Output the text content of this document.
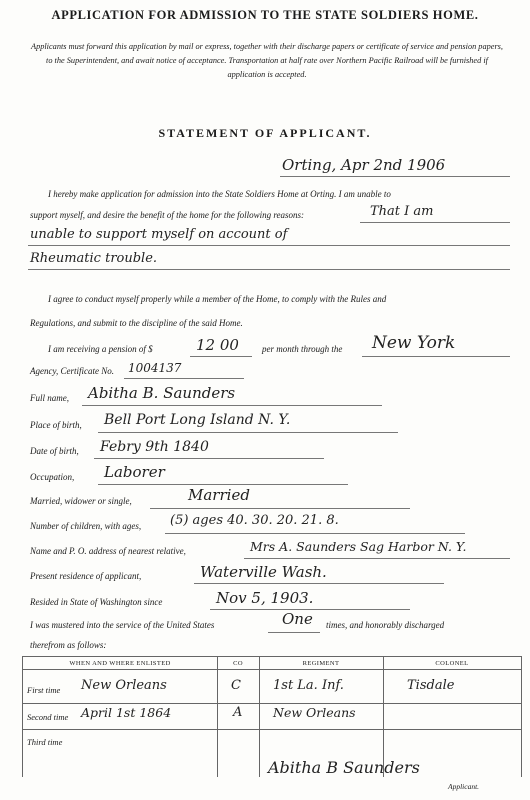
APPLICATION FOR ADMISSION TO THE STATE SOLDIERS HOME.
Applicants must forward this application by mail or express, together with their discharge papers or certificate of service and pension papers, to the Superintendent, and await notice of acceptance. Transportation at half rate over Northern Pacific Railroad will be furnished if application is accepted.
STATEMENT OF APPLICANT.
Orting, Apr 2nd 1906
I hereby make application for admission into the State Soldiers Home at Orting. I am unable to
support myself, and desire the benefit of the home for the following reasons:	That I am
unable to support myself on account of
Rheumatic trouble.
I agree to conduct myself properly while a member of the Home, to comply with the Rules and
Regulations, and submit to the discipline of the said Home.
I am receiving a pension of $	12 00	per month through the New York
Agency, Certificate No. 1004137
Full name, Abitha B. Saunders
Place of birth, Bell Port Long Island N. Y.
Date of birth, Febry 9th 1840
Occupation, Laborer
Married, widower or single,	Married
Number of children, with ages, (5) ages 40. 30. 20. 21. 8.
Name and P. O. address of nearest relative,	Mrs A. Saunders Sag Harbor N. Y.
Present residence of applicant,	Waterville Wash.
Resided in State of Washington since	Nov 5, 1903.
I was mustered into the service of the United States	One times, and honorably discharged
therefrom as follows:
WHEN AND WHERE ENLISTED	CO	REGIMENT	COLONEL
First time New Orleans	C 1st La. Inf.	Tisdale
Second time April 1st 1864	A New Orleans
Third time
Abitha B Saunders
Applicant.
